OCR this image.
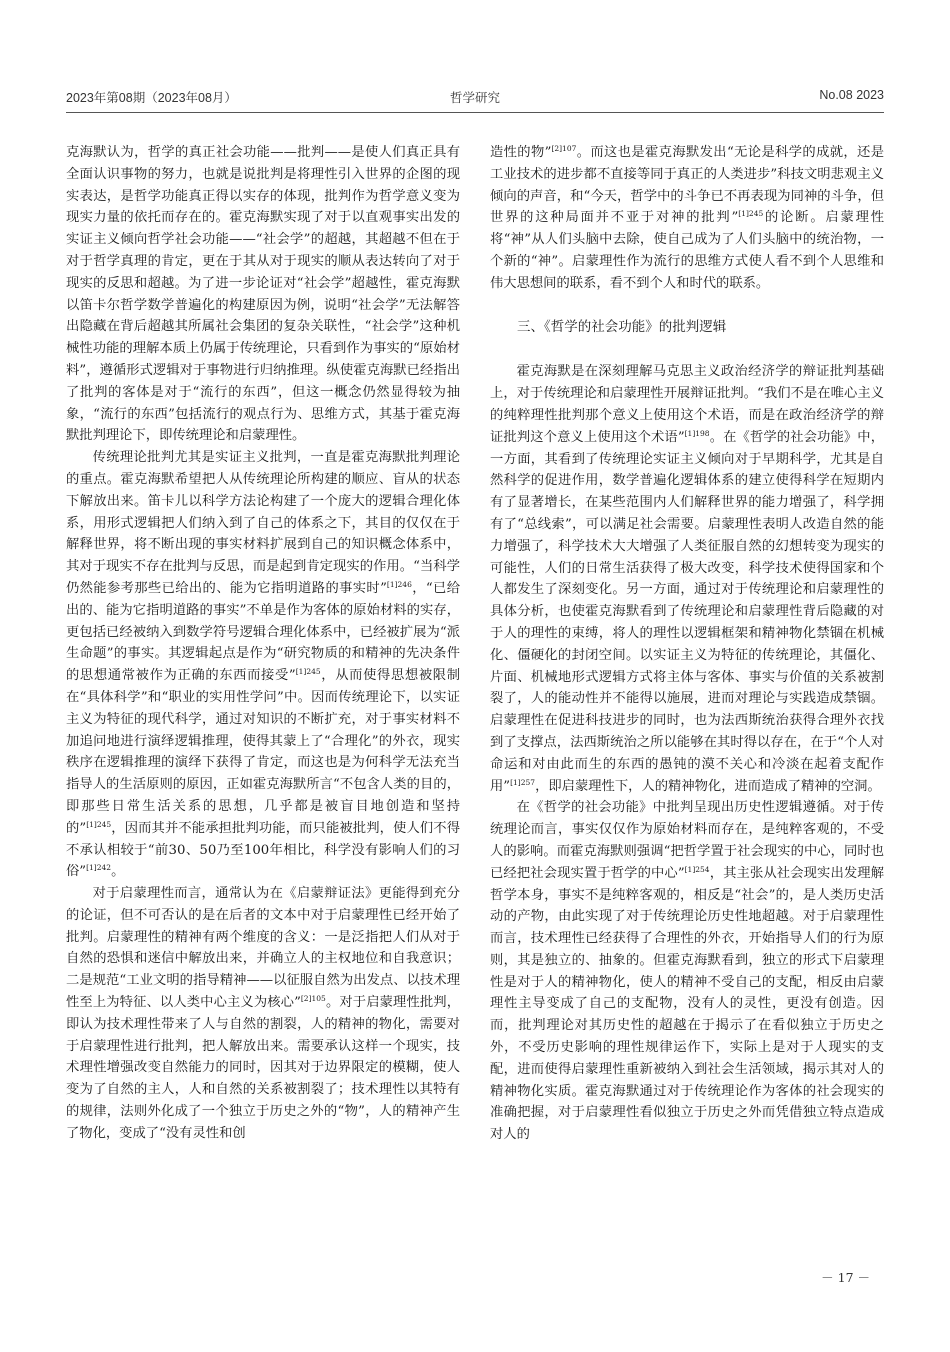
2023年第08期（2023年08月）	哲学研究	No.08 2023

克海默认为，哲学的真正社会功能——批判——是使人们真正具有全面认识事物的努力，也就是说批判是将理性引入世界的企图的现实表达，是哲学功能真正得以实存的体现，批判作为哲学意义变为现实力量的依托而存在的。霍克海默实现了对于以直观事实出发的实证主义倾向哲学社会功能——“社会学”的超越，其超越不但在于对于哲学真理的肯定，更在于其从对于现实的顺从表达转向了对于现实的反思和超越。为了进一步论证对“社会学”超越性，霍克海默以笛卡尔哲学数学普遍化的构建原因为例，说明“社会学”无法解答出隐藏在背后超越其所属社会集团的复杂关联性，“社会学”这种机械性功能的理解本质上仍属于传统理论，只看到作为事实的“原始材料”，遵循形式逻辑对于事物进行归纳推理。纵使霍克海默已经指出了批判的客体是对于“流行的东西”，但这一概念仍然显得较为抽象，“流行的东西”包括流行的观点行为、思维方式，其基于霍克海默批判理论下，即传统理论和启蒙理性。

传统理论批判尤其是实证主义批判，一直是霍克海默批判理论的重点。霍克海默希望把人从传统理论所构建的顺应、盲从的状态下解放出来。笛卡儿以科学方法论构建了一个庞大的逻辑合理化体系，用形式逻辑把人们纳入到了自己的体系之下，其目的仅仅在于解释世界，将不断出现的事实材料扩展到自己的知识概念体系中，其对于现实不存在批判与反思，而是起到肯定现实的作用。“当科学仍然能参考那些已给出的、能为它指明道路的事实时”$^{[1]246}$，“已给出的、能为它指明道路的事实”不单是作为客体的原始材料的实存，更包括已经被纳入到数学符号逻辑合理化体系中，已经被扩展为“派生命题”的事实。其逻辑起点是作为“研究物质的和精神的先决条件的思想通常被作为正确的东西而接受”$^{[1]245}$，从而使得思想被限制在“具体科学”和“职业的实用性学问”中。因而传统理论下，以实证主义为特征的现代科学，通过对知识的不断扩充，对于事实材料不加追问地进行演绎逻辑推理，使得其蒙上了“合理化”的外衣，现实秩序在逻辑推理的演绎下获得了肯定，而这也是为何科学无法充当指导人的生活原则的原因，正如霍克海默所言“不包含人类的目的，即那些日常生活关系的思想，几乎都是被盲目地创造和坚持的”$^{[1]245}$，因而其并不能承担批判功能，而只能被批判，使人们不得不承认相较于“前30、50乃至100年相比，科学没有影响人们的习俗”$^{[1]242}$。

对于启蒙理性而言，通常认为在《启蒙辩证法》更能得到充分的论证，但不可否认的是在后者的文本中对于启蒙理性已经开始了批判。启蒙理性的精神有两个维度的含义：一是泛指把人们从对于自然的恐惧和迷信中解放出来，并确立人的主权地位和自我意识；二是规范“工业文明的指导精神——以征服自然为出发点、以技术理性至上为特征、以人类中心主义为核心”$^{[2]105}$。对于启蒙理性批判，即认为技术理性带来了人与自然的割裂，人的精神的物化，需要对于启蒙理性进行批判，把人解放出来。需要承认这样一个现实，技术理性增强改变自然能力的同时，因其对于边界限定的模糊，使人变为了自然的主人，人和自然的关系被割裂了；技术理性以其特有的规律，法则外化成了一个独立于历史之外的“物”，人的精神产生了物化，变成了“没有灵性和创

造性的物”$^{[2]107}$。而这也是霍克海默发出“无论是科学的成就，还是工业技术的进步都不直接等同于真正的人类进步”科技文明悲观主义倾向的声音，和“今天，哲学中的斗争已不再表现为同神的斗争，但世界的这种局面并不亚于对神的批判”$^{[1]245}$的论断。启蒙理性将“神”从人们头脑中去除，使自己成为了人们头脑中的统治物，一个新的“神”。启蒙理性作为流行的思维方式使人看不到个人思维和伟大思想间的联系，看不到个人和时代的联系。

三、《哲学的社会功能》的批判逻辑

霍克海默是在深刻理解马克思主义政治经济学的辩证批判基础上，对于传统理论和启蒙理性开展辩证批判。“我们不是在唯心主义的纯粹理性批判那个意义上使用这个术语，而是在政治经济学的辩证批判这个意义上使用这个术语”$^{[1]198}$。在《哲学的社会功能》中，一方面，其看到了传统理论实证主义倾向对于早期科学，尤其是自然科学的促进作用，数学普遍化逻辑体系的建立使得科学在短期内有了显著增长，在某些范围内人们解释世界的能力增强了，科学拥有了“总线索”，可以满足社会需要。启蒙理性表明人改造自然的能力增强了，科学技术大大增强了人类征服自然的幻想转变为现实的可能性，人们的日常生活获得了极大改变，科学技术使得国家和个人都发生了深刻变化。另一方面，通过对于传统理论和启蒙理性的具体分析，也使霍克海默看到了传统理论和启蒙理性背后隐藏的对于人的理性的束缚，将人的理性以逻辑框架和精神物化禁锢在机械化、僵硬化的封闭空间。以实证主义为特征的传统理论，其僵化、片面、机械地形式逻辑方式将主体与客体、事实与价值的关系被割裂了，人的能动性并不能得以施展，进而对理论与实践造成禁锢。启蒙理性在促进科技进步的同时，也为法西斯统治获得合理外衣找到了支撑点，法西斯统治之所以能够在其时得以存在，在于“个人对命运和对由此而生的东西的愚钝的漠不关心和冷淡在起着支配作用”$^{[1]257}$，即启蒙理性下，人的精神物化，进而造成了精神的空洞。

在《哲学的社会功能》中批判呈现出历史性逻辑遵循。对于传统理论而言，事实仅仅作为原始材料而存在，是纯粹客观的，不受人的影响。而霍克海默则强调“把哲学置于社会现实的中心，同时也已经把社会现实置于哲学的中心”$^{[1]254}$，其主张从社会现实出发理解哲学本身，事实不是纯粹客观的，相反是“社会”的，是人类历史活动的产物，由此实现了对于传统理论历史性地超越。对于启蒙理性而言，技术理性已经获得了合理性的外衣，开始指导人们的行为原则，其是独立的、抽象的。但霍克海默看到，独立的形式下启蒙理性是对于人的精神物化，使人的精神不受自己的支配，相反由启蒙理性主导变成了自己的支配物，没有人的灵性，更没有创造。因而，批判理论对其历史性的超越在于揭示了在看似独立于历史之外，不受历史影响的理性规律运作下，实际上是对于人现实的支配，进而使得启蒙理性重新被纳入到社会生活领域，揭示其对人的精神物化实质。霍克海默通过对于传统理论作为客体的社会现实的准确把握，对于启蒙理性看似独立于历史之外而凭借独立特点造成对人的

－ 17 －
